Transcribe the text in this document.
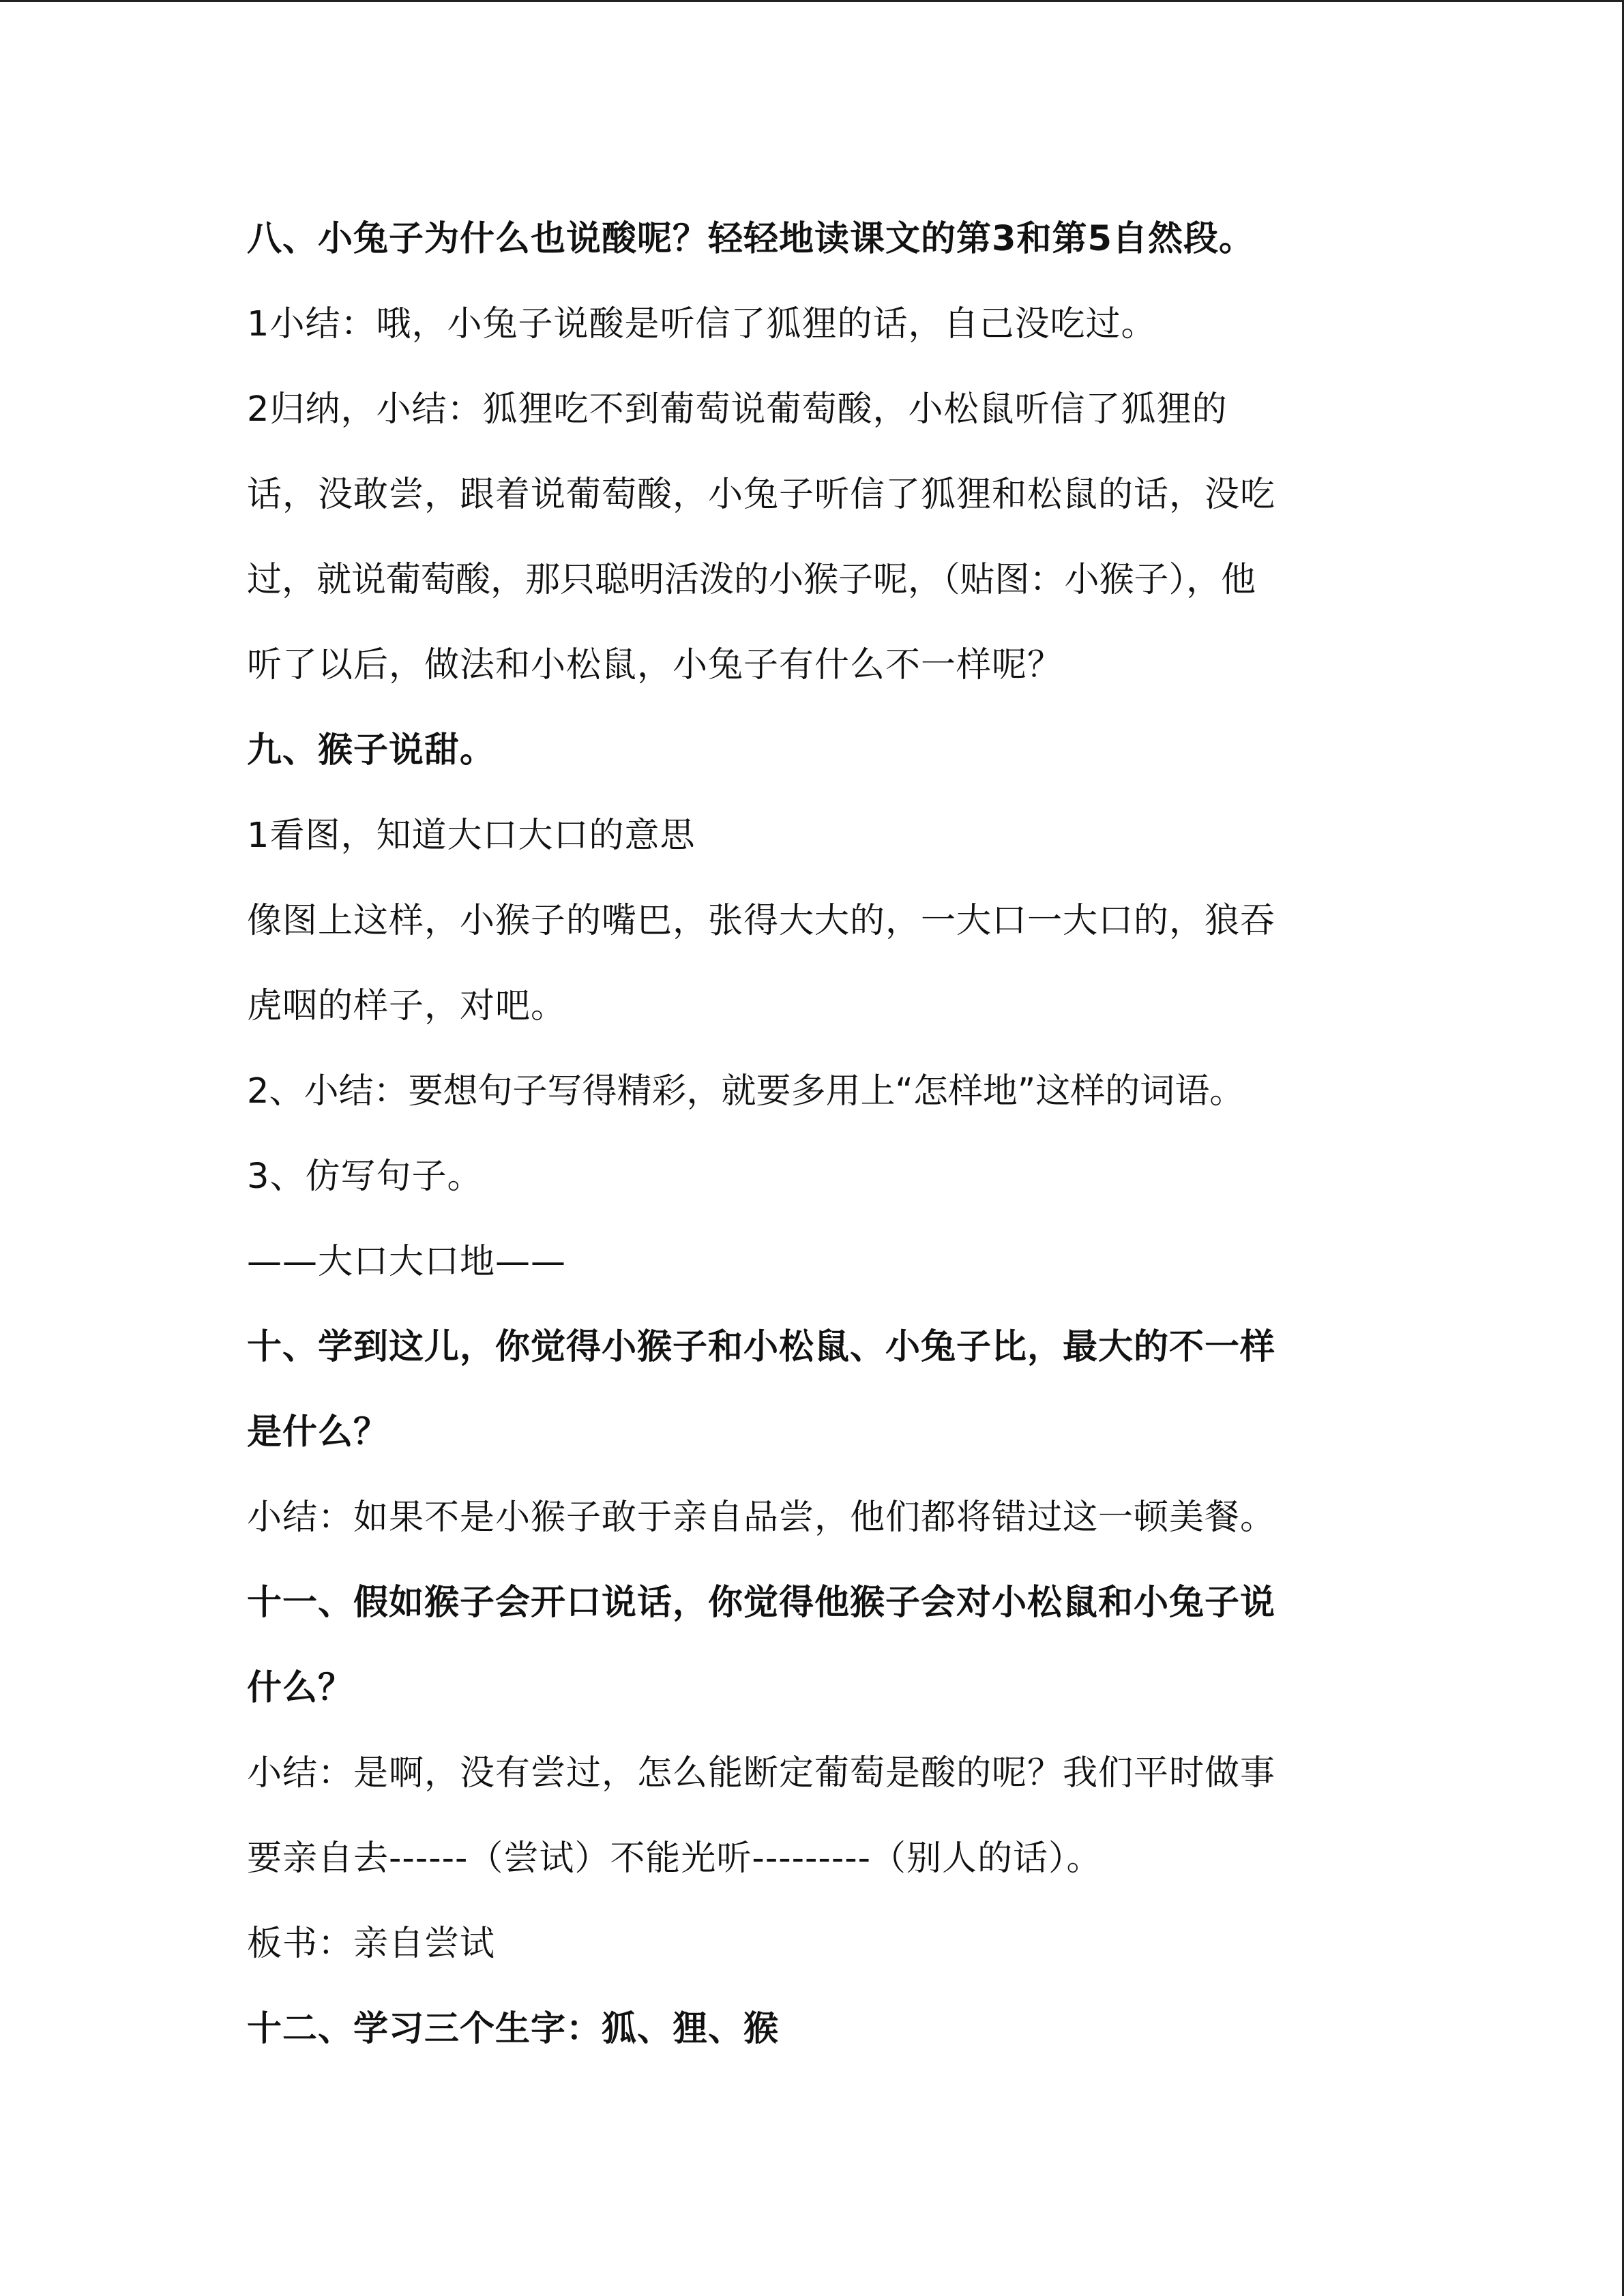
八、小兔子为什么也说酸呢？轻轻地读课文的第3和第5自然段。
1小结：哦，小兔子说酸是听信了狐狸的话，自己没吃过。
2归纳，小结：狐狸吃不到葡萄说葡萄酸，小松鼠听信了狐狸的
话，没敢尝，跟着说葡萄酸，小兔子听信了狐狸和松鼠的话，没吃
过，就说葡萄酸，那只聪明活泼的小猴子呢，（贴图：小猴子），他
听了以后，做法和小松鼠，小兔子有什么不一样呢？
九、猴子说甜。
1看图，知道大口大口的意思
像图上这样，小猴子的嘴巴，张得大大的，一大口一大口的，狼吞
虎咽的样子，对吧。
2、小结：要想句子写得精彩，就要多用上“怎样地”这样的词语。
3、仿写句子。
——大口大口地——
十、学到这儿，你觉得小猴子和小松鼠、小兔子比，最大的不一样
是什么？
小结：如果不是小猴子敢于亲自品尝，他们都将错过这一顿美餐。
十一、假如猴子会开口说话，你觉得他猴子会对小松鼠和小兔子说
什么？
小结：是啊，没有尝过，怎么能断定葡萄是酸的呢？我们平时做事
要亲自去------（尝试）不能光听---------（别人的话）。
板书：亲自尝试
十二、学习三个生字：狐、狸、猴
